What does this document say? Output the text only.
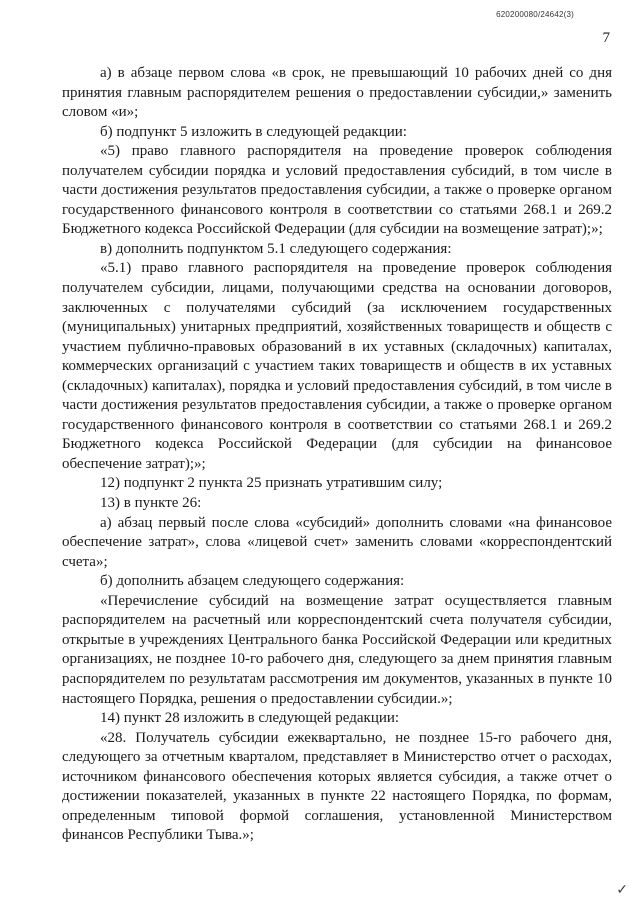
620200080/24642(3)
7

а) в абзаце первом слова «в срок, не превышающий 10 рабочих дней со дня принятия главным распорядителем решения о предоставлении субсидии,» заменить словом «и»;

б) подпункт 5 изложить в следующей редакции:

«5) право главного распорядителя на проведение проверок соблюдения получателем субсидии порядка и условий предоставления субсидий, в том числе в части достижения результатов предоставления субсидии, а также о проверке органом государственного финансового контроля в соответствии со статьями 268.1 и 269.2 Бюджетного кодекса Российской Федерации (для субсидии на возмещение затрат);»;

в) дополнить подпунктом 5.1 следующего содержания:

«5.1) право главного распорядителя на проведение проверок соблюдения получателем субсидии, лицами, получающими средства на основании договоров, заключенных с получателями субсидий (за исключением государственных (муниципальных) унитарных предприятий, хозяйственных товариществ и обществ с участием публично-правовых образований в их уставных (складочных) капиталах, коммерческих организаций с участием таких товариществ и обществ в их уставных (складочных) капиталах), порядка и условий предоставления субсидий, в том числе в части достижения результатов предоставления субсидии, а также о проверке органом государственного финансового контроля в соответствии со статьями 268.1 и 269.2 Бюджетного кодекса Российской Федерации (для субсидии на финансовое обеспечение затрат);»;

12) подпункт 2 пункта 25 признать утратившим силу;

13) в пункте 26:

а) абзац первый после слова «субсидий» дополнить словами «на финансовое обеспечение затрат», слова «лицевой счет» заменить словами «корреспондентский счета»;

б) дополнить абзацем следующего содержания:

«Перечисление субсидий на возмещение затрат осуществляется главным распорядителем на расчетный или корреспондентский счета получателя субсидии, открытые в учреждениях Центрального банка Российской Федерации или кредитных организациях, не позднее 10-го рабочего дня, следующего за днем принятия главным распорядителем по результатам рассмотрения им документов, указанных в пункте 10 настоящего Порядка, решения о предоставлении субсидии.»;

14) пункт 28 изложить в следующей редакции:

«28. Получатель субсидии ежеквартально, не позднее 15-го рабочего дня, следующего за отчетным кварталом, представляет в Министерство отчет о расходах, источником финансового обеспечения которых является субсидия, а также отчет о достижении показателей, указанных в пункте 22 настоящего Порядка, по формам, определенным типовой формой соглашения, установленной Министерством финансов Республики Тыва.»;

✓
